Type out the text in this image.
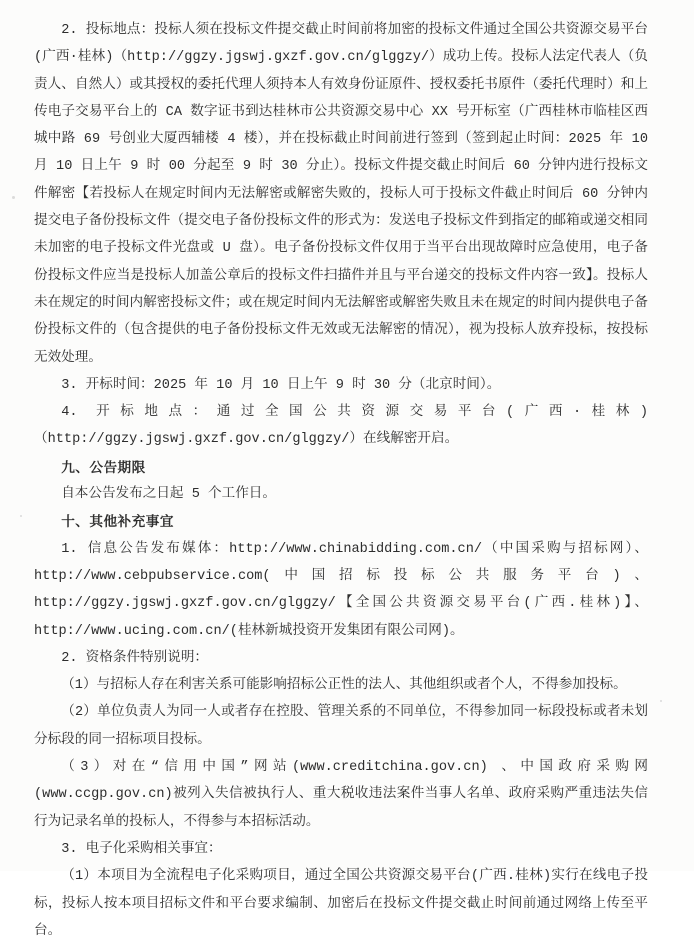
2. 投标地点：投标人须在投标文件提交截止时间前将加密的投标文件通过全国公共资源交易平台(广西·桂林)（http://ggzy.jgswj.gxzf.gov.cn/glggzy/）成功上传。投标人法定代表人（负责人、自然人）或其授权的委托代理人须持本人有效身份证原件、授权委托书原件（委托代理时）和上传电子交易平台上的 CA 数字证书到达桂林市公共资源交易中心 XX 号开标室（广西桂林市临桂区西城中路 69 号创业大厦西辅楼 4 楼），并在投标截止时间前进行签到（签到起止时间：2025 年 10 月 10 日上午 9 时 00 分起至 9 时 30 分止）。投标文件提交截止时间后 60 分钟内进行投标文件解密【若投标人在规定时间内无法解密或解密失败的，投标人可于投标文件截止时间后 60 分钟内提交电子备份投标文件（提交电子备份投标文件的形式为：发送电子投标文件到指定的邮箱或递交相同未加密的电子投标文件光盘或 U 盘）。电子备份投标文件仅用于当平台出现故障时应急使用，电子备份投标文件应当是投标人加盖公章后的投标文件扫描件并且与平台递交的投标文件内容一致】。投标人未在规定的时间内解密投标文件；或在规定时间内无法解密或解密失败且未在规定的时间内提供电子备份投标文件的（包含提供的电子备份投标文件无效或无法解密的情况），视为投标人放弃投标，按投标无效处理。

3. 开标时间：2025 年 10 月 10 日上午 9 时 30 分（北京时间）。

4. 开标地点：通过全国公共资源交易平台(广西·桂林)（http://ggzy.jgswj.gxzf.gov.cn/glggzy/）在线解密开启。

九、公告期限

自本公告发布之日起 5 个工作日。

十、其他补充事宜

1. 信息公告发布媒体：http://www.chinabidding.com.cn/（中国采购与招标网）、http://www.cebpubservice.com(中国招标投标公共服务平台)、http://ggzy.jgswj.gxzf.gov.cn/glggzy/【全国公共资源交易平台(广西.桂林)】、http://www.ucing.com.cn/(桂林新城投资开发集团有限公司网)。

2. 资格条件特别说明：

（1）与招标人存在利害关系可能影响招标公正性的法人、其他组织或者个人，不得参加投标。

（2）单位负责人为同一人或者存在控股、管理关系的不同单位，不得参加同一标段投标或者未划分标段的同一招标项目投标。

（3）对在“信用中国”网站(www.creditchina.gov.cn) 、中国政府采购网(www.ccgp.gov.cn)被列入失信被执行人、重大税收违法案件当事人名单、政府采购严重违法失信行为记录名单的投标人，不得参与本招标活动。

3. 电子化采购相关事宜：

（1）本项目为全流程电子化采购项目，通过全国公共资源交易平台(广西.桂林)实行在线电子投标，投标人按本项目招标文件和平台要求编制、加密后在投标文件提交截止时间前通过网络上传至平台。
